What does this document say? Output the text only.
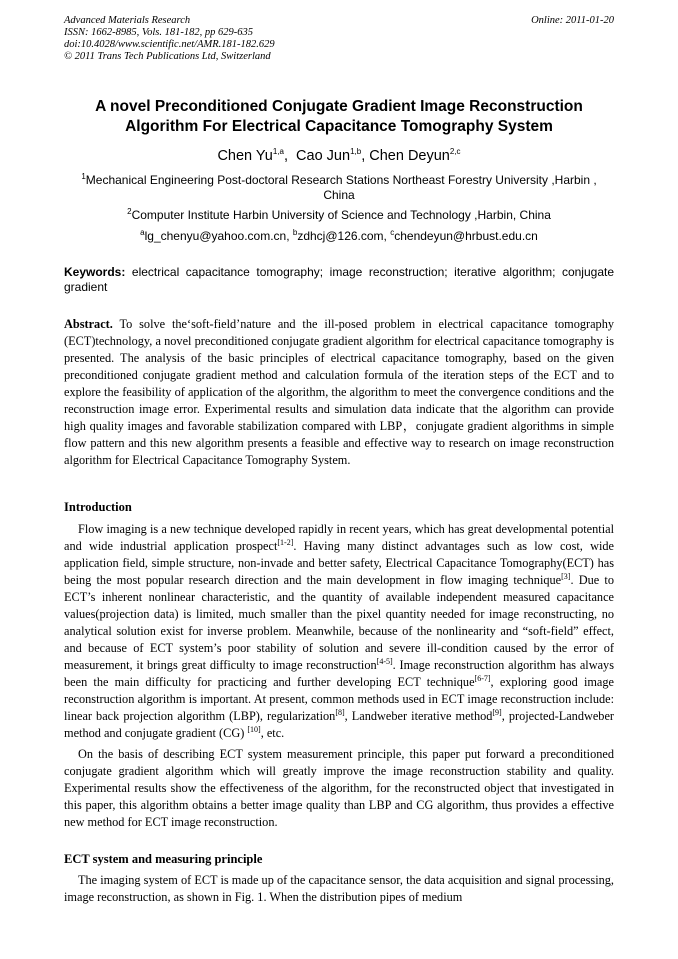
Advanced Materials Research
ISSN: 1662-8985, Vols. 181-182, pp 629-635
doi:10.4028/www.scientific.net/AMR.181-182.629
© 2011 Trans Tech Publications Ltd, Switzerland
Online: 2011-01-20
A novel Preconditioned Conjugate Gradient Image Reconstruction
Algorithm For Electrical Capacitance Tomography System
Chen Yu$^{1,a}$,  Cao Jun$^{1,b}$, Chen Deyun$^{2,c}$
$^1$Mechanical Engineering Post-doctoral Research Stations Northeast Forestry University ,Harbin , China
$^2$Computer Institute Harbin University of Science and Technology ,Harbin, China
$^a$lg_chenyu@yahoo.com.cn, $^b$zdhcj@126.com, $^c$chendeyun@hrbust.edu.cn
Keywords: electrical capacitance tomography; image reconstruction; iterative algorithm; conjugate gradient
Abstract. To solve the‘soft-field’nature and the ill-posed problem in electrical capacitance tomography (ECT)technology, a novel preconditioned conjugate gradient algorithm for electrical capacitance tomography is presented. The analysis of the basic principles of electrical capacitance tomography, based on the given preconditioned conjugate gradient method and calculation formula of the iteration steps of the ECT and to explore the feasibility of application of the algorithm, the algorithm to meet the convergence conditions and the reconstruction image error. Experimental results and simulation data indicate that the algorithm can provide high quality images and favorable stabilization compared with LBP，conjugate gradient algorithms in simple flow pattern and this new algorithm presents a feasible and effective way to research on image reconstruction algorithm for Electrical Capacitance Tomography System.
Introduction
Flow imaging is a new technique developed rapidly in recent years, which has great developmental potential and wide industrial application prospect[1-2]. Having many distinct advantages such as low cost, wide application field, simple structure, non-invade and better safety, Electrical Capacitance Tomography(ECT) has being the most popular research direction and the main development in flow imaging technique[3]. Due to ECT’s inherent nonlinear characteristic, and the quantity of available independent measured capacitance values(projection data) is limited, much smaller than the pixel quantity needed for image reconstructing, no analytical solution exist for inverse problem. Meanwhile, because of the nonlinearity and “soft-field” effect, and because of ECT system’s poor stability of solution and severe ill-condition caused by the error of measurement, it brings great difficulty to image reconstruction[4-5]. Image reconstruction algorithm has always been the main difficulty for practicing and further developing ECT technique[6-7], exploring good image reconstruction algorithm is important. At present, common methods used in ECT image reconstruction include: linear back projection algorithm (LBP), regularization[8], Landweber iterative method[9], projected-Landweber method and conjugate gradient (CG) [10], etc.
On the basis of describing ECT system measurement principle, this paper put forward a preconditioned conjugate gradient algorithm which will greatly improve the image reconstruction stability and quality. Experimental results show the effectiveness of the algorithm, for the reconstructed object that investigated in this paper, this algorithm obtains a better image quality than LBP and CG algorithm, thus provides a effective new method for ECT image reconstruction.
ECT system and measuring principle
The imaging system of ECT is made up of the capacitance sensor, the data acquisition and signal processing, image reconstruction, as shown in Fig. 1. When the distribution pipes of medium
